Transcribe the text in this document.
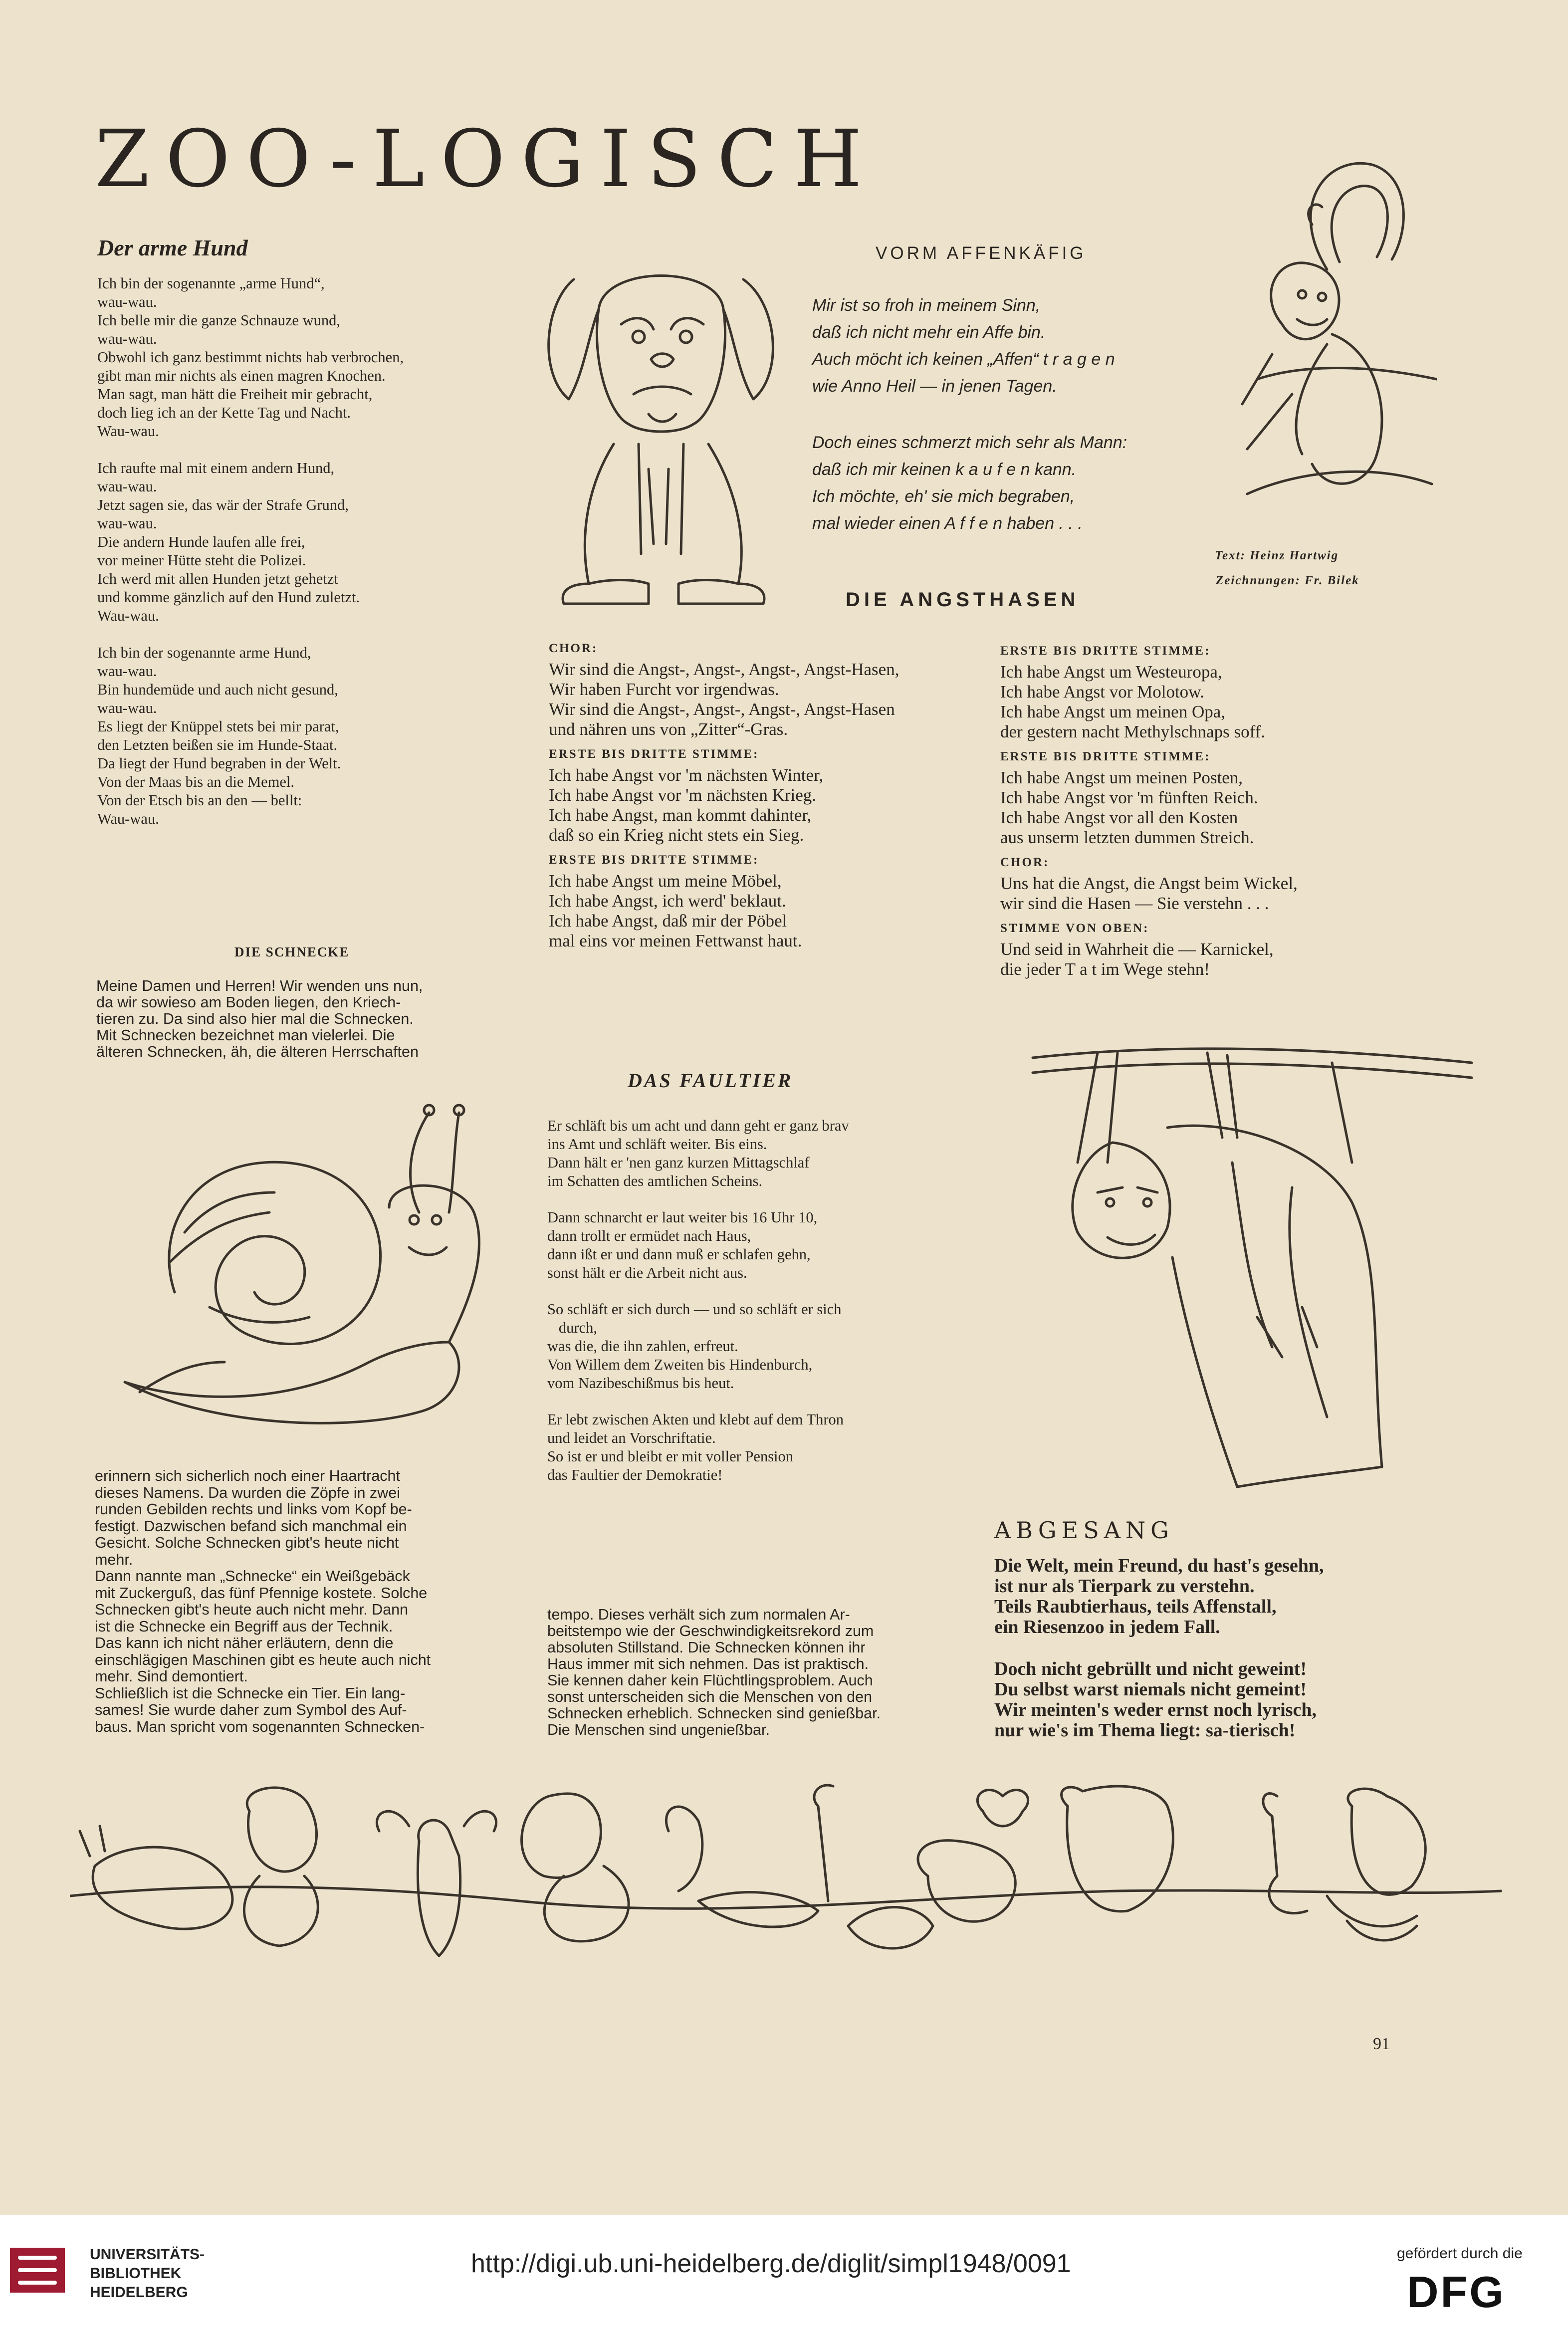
ZOO-LOGISCH
Der arme Hund
Ich bin der sogenannte „arme Hund“,
wau-wau.
Ich belle mir die ganze Schnauze wund,
wau-wau.
Obwohl ich ganz bestimmt nichts hab verbrochen,
gibt man mir nichts als einen magren Knochen.
Man sagt, man hätt die Freiheit mir gebracht,
doch lieg ich an der Kette Tag und Nacht.
Wau-wau.

Ich raufte mal mit einem andern Hund,
wau-wau.
Jetzt sagen sie, das wär der Strafe Grund,
wau-wau.
Die andern Hunde laufen alle frei,
vor meiner Hütte steht die Polizei.
Ich werd mit allen Hunden jetzt gehetzt
und komme gänzlich auf den Hund zuletzt.
Wau-wau.

Ich bin der sogenannte arme Hund,
wau-wau.
Bin hundemüde und auch nicht gesund,
wau-wau.
Es liegt der Knüppel stets bei mir parat,
den Letzten beißen sie im Hunde-Staat.
Da liegt der Hund begraben in der Welt.
Von der Maas bis an die Memel.
Von der Etsch bis an den — bellt:
Wau-wau.
VORM AFFENKÄFIG
Mir ist so froh in meinem Sinn,
daß ich nicht mehr ein Affe bin.
Auch möcht ich keinen „Affen“ t r a g e n
wie Anno Heil — in jenen Tagen.
Doch eines schmerzt mich sehr als Mann:
daß ich mir keinen k a u f e n kann.
Ich möchte, eh' sie mich begraben,
mal wieder einen A f f e n haben . . .
Text: Heinz Hartwig
Zeichnungen: Fr. Bilek
DIE ANGSTHASEN
CHOR:
Wir sind die Angst-, Angst-, Angst-, Angst-Hasen,
Wir haben Furcht vor irgendwas.
Wir sind die Angst-, Angst-, Angst-, Angst-Hasen
und nähren uns von „Zitter“-Gras.
ERSTE BIS DRITTE STIMME:
Ich habe Angst vor 'm nächsten Winter,
Ich habe Angst vor 'm nächsten Krieg.
Ich habe Angst, man kommt dahinter,
daß so ein Krieg nicht stets ein Sieg.
ERSTE BIS DRITTE STIMME:
Ich habe Angst um meine Möbel,
Ich habe Angst, ich werd' beklaut.
Ich habe Angst, daß mir der Pöbel
mal eins vor meinen Fettwanst haut.
ERSTE BIS DRITTE STIMME:
Ich habe Angst um Westeuropa,
Ich habe Angst vor Molotow.
Ich habe Angst um meinen Opa,
der gestern nacht Methylschnaps soff.
ERSTE BIS DRITTE STIMME:
Ich habe Angst um meinen Posten,
Ich habe Angst vor 'm fünften Reich.
Ich habe Angst vor all den Kosten
aus unserm letzten dummen Streich.
CHOR:
Uns hat die Angst, die Angst beim Wickel,
wir sind die Hasen — Sie verstehn . . .
STIMME VON OBEN:
Und seid in Wahrheit die — Karnickel,
die jeder T a t im Wege stehn!
DIE SCHNECKE
Meine Damen und Herren! Wir wenden uns nun,
da wir sowieso am Boden liegen, den Kriech-
tieren zu. Da sind also hier mal die Schnecken.
Mit Schnecken bezeichnet man vielerlei. Die
älteren Schnecken, äh, die älteren Herrschaften
erinnern sich sicherlich noch einer Haartracht
dieses Namens. Da wurden die Zöpfe in zwei
runden Gebilden rechts und links vom Kopf be-
festigt. Dazwischen befand sich manchmal ein
Gesicht. Solche Schnecken gibt's heute nicht
mehr.
Dann nannte man „Schnecke“ ein Weißgebäck
mit Zuckerguß, das fünf Pfennige kostete. Solche
Schnecken gibt's heute auch nicht mehr. Dann
ist die Schnecke ein Begriff aus der Technik.
Das kann ich nicht näher erläutern, denn die
einschlägigen Maschinen gibt es heute auch nicht
mehr. Sind demontiert.
Schließlich ist die Schnecke ein Tier. Ein lang-
sames! Sie wurde daher zum Symbol des Auf-
baus. Man spricht vom sogenannten Schnecken-
tempo. Dieses verhält sich zum normalen Ar-
beitstempo wie der Geschwindigkeitsrekord zum
absoluten Stillstand. Die Schnecken können ihr
Haus immer mit sich nehmen. Das ist praktisch.
Sie kennen daher kein Flüchtlingsproblem. Auch
sonst unterscheiden sich die Menschen von den
Schnecken erheblich. Schnecken sind genießbar.
Die Menschen sind ungenießbar.
DAS FAULTIER
Er schläft bis um acht und dann geht er ganz brav
ins Amt und schläft weiter. Bis eins.
Dann hält er 'nen ganz kurzen Mittagschlaf
im Schatten des amtlichen Scheins.
Dann schnarcht er laut weiter bis 16 Uhr 10,
dann trollt er ermüdet nach Haus,
dann ißt er und dann muß er schlafen gehn,
sonst hält er die Arbeit nicht aus.
So schläft er sich durch — und so schläft er sich
durch,
was die, die ihn zahlen, erfreut.
Von Willem dem Zweiten bis Hindenburch,
vom Nazibeschißmus bis heut.
Er lebt zwischen Akten und klebt auf dem Thron
und leidet an Vorschriftatie.
So ist er und bleibt er mit voller Pension
das Faultier der Demokratie!
ABGESANG
Die Welt, mein Freund, du hast's gesehn,
ist nur als Tierpark zu verstehn.
Teils Raubtierhaus, teils Affenstall,
ein Riesenzoo in jedem Fall.
Doch nicht gebrüllt und nicht geweint!
Du selbst warst niemals nicht gemeint!
Wir meinten's weder ernst noch lyrisch,
nur wie's im Thema liegt: sa-tierisch!
91
UNIVERSITÄTS-
BIBLIOTHEK
HEIDELBERG
http://digi.ub.uni-heidelberg.de/diglit/simpl1948/0091	gefördert durch die
DFG
